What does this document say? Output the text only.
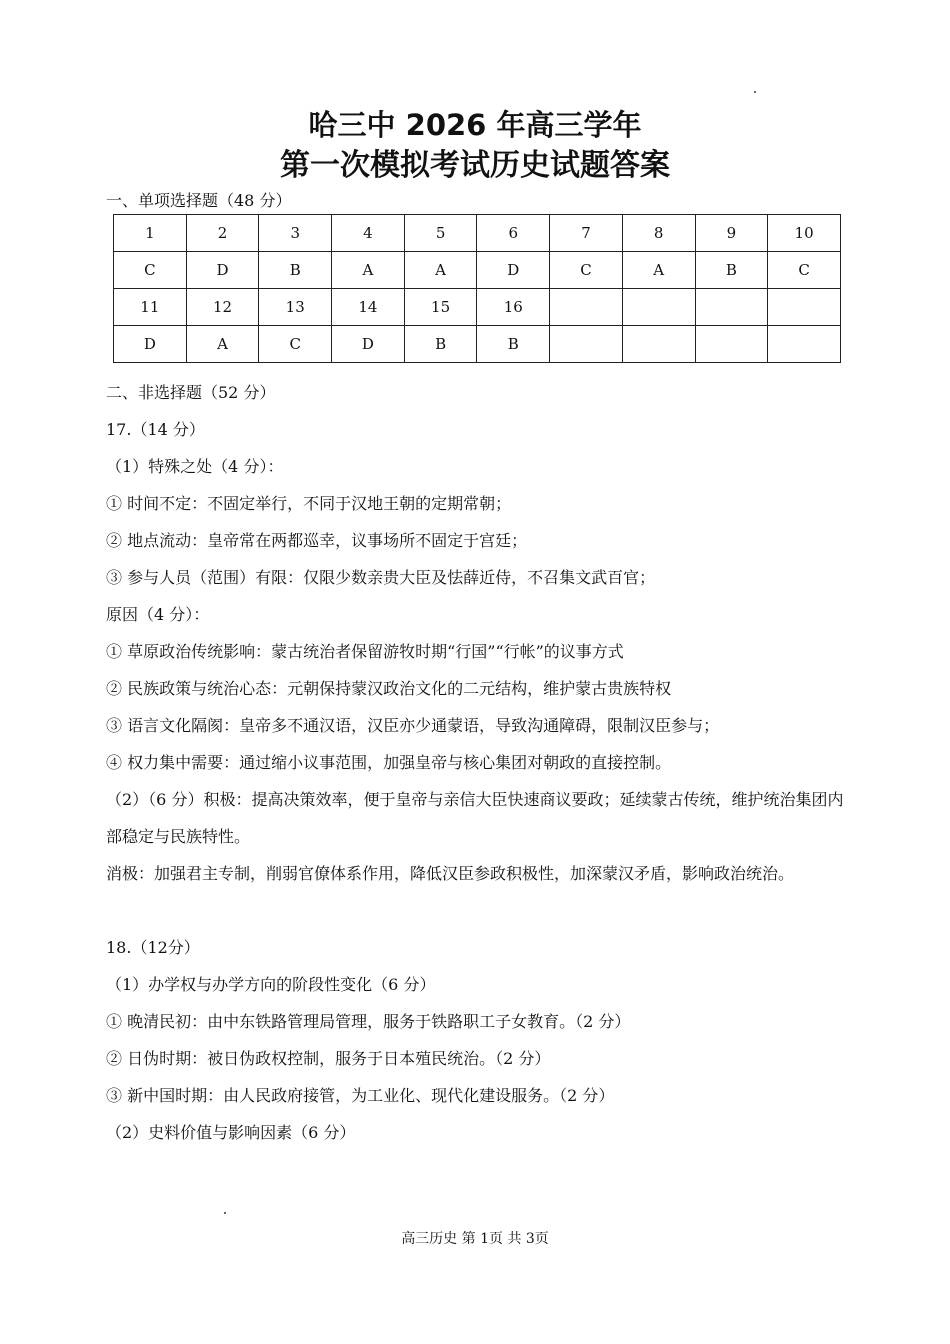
哈三中 2026 年高三学年
第一次模拟考试历史试题答案
一、单项选择题（48 分）
1	2	3	4	5	6	7	8	9	10
C	D	B	A	A	D	C	A	B	C
11	12	13	14	15	16				
D	A	C	D	B	B				

二、非选择题（52 分）

17.（14 分）

（1）特殊之处（4 分）：

① 时间不定：不固定举行，不同于汉地王朝的定期常朝；

② 地点流动：皇帝常在两都巡幸，议事场所不固定于宫廷；

③ 参与人员（范围）有限：仅限少数亲贵大臣及怯薛近侍，不召集文武百官；

原因（4 分）：

① 草原政治传统影响：蒙古统治者保留游牧时期“行国”“行帐”的议事方式

② 民族政策与统治心态：元朝保持蒙汉政治文化的二元结构，维护蒙古贵族特权

③ 语言文化隔阂：皇帝多不通汉语，汉臣亦少通蒙语，导致沟通障碍，限制汉臣参与；

④ 权力集中需要：通过缩小议事范围，加强皇帝与核心集团对朝政的直接控制。

（2）（6 分）积极：提高决策效率，便于皇帝与亲信大臣快速商议要政；延续蒙古传统，维护统治集团内部稳定与民族特性。

消极：加强君主专制，削弱官僚体系作用，降低汉臣参政积极性，加深蒙汉矛盾，影响政治统治。

18.（12分）

（1）办学权与办学方向的阶段性变化（6 分）

① 晚清民初：由中东铁路管理局管理，服务于铁路职工子女教育。（2 分）

② 日伪时期：被日伪政权控制，服务于日本殖民统治。（2 分）

③ 新中国时期：由人民政府接管，为工业化、现代化建设服务。（2 分）

（2）史料价值与影响因素（6 分）

高三历史 第 1页 共 3页
